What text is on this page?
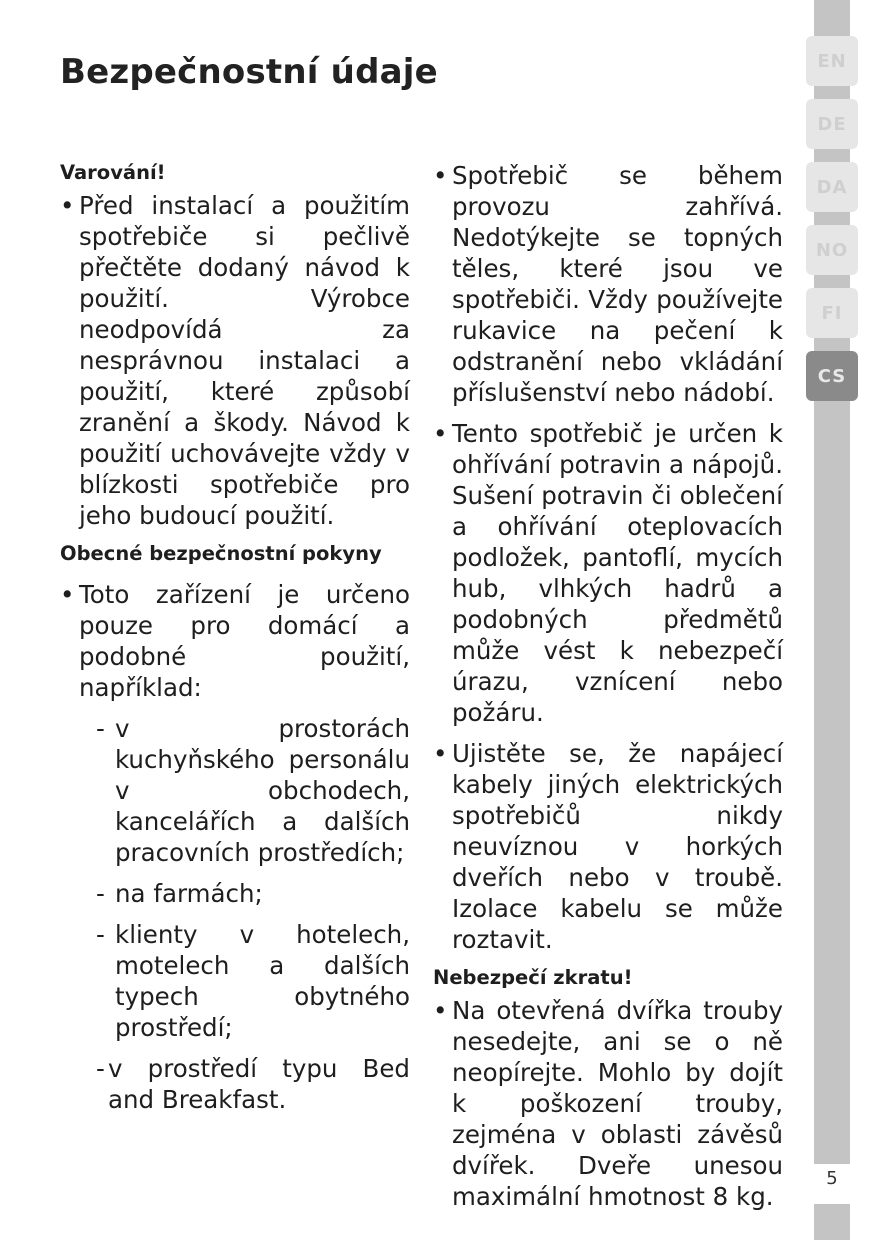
Bezpečnostní údaje

Varování!

• Před instalací a použitím spotřebiče si pečlivě přečtěte dodaný návod k použití. Výrobce neodpovídá za nesprávnou instalaci a použití, které způsobí zranění a škody. Návod k použití uchovávejte vždy v blízkosti spotřebiče pro jeho budoucí použití.

Obecné bezpečnostní pokyny

• Toto zařízení je určeno pouze pro domácí a podobné použití, například:
- v prostorách kuchyňského personálu v obchodech, kancelářích a dalších pracovních prostředích;
- na farmách;
- klienty v hotelech, motelech a dalších typech obytného prostředí;
- v prostředí typu Bed and Breakfast.
• Spotřebič se během provozu zahřívá. Nedotýkejte se topných těles, které jsou ve spotřebiči. Vždy používejte rukavice na pečení k odstranění nebo vkládání příslušenství nebo nádobí.
• Tento spotřebič je určen k ohřívání potravin a nápojů. Sušení potravin či oblečení a ohřívání oteplovacích podložek, pantoflí, mycích hub, vlhkých hadrů a podobných předmětů může vést k nebezpečí úrazu, vznícení nebo požáru.
• Ujistěte se, že napájecí kabely jiných elektrických spotřebičů nikdy neuvíznou v horkých dveřích nebo v troubě. Izolace kabelu se může roztavit.

Nebezpečí zkratu!

• Na otevřená dvířka trouby nesedejte, ani se o ně neopírejte. Mohlo by dojít k poškození trouby, zejména v oblasti závěsů dvířek. Dveře unesou maximální hmotnost 8 kg.
EN
DE
DA
NO
FI
CS
5
